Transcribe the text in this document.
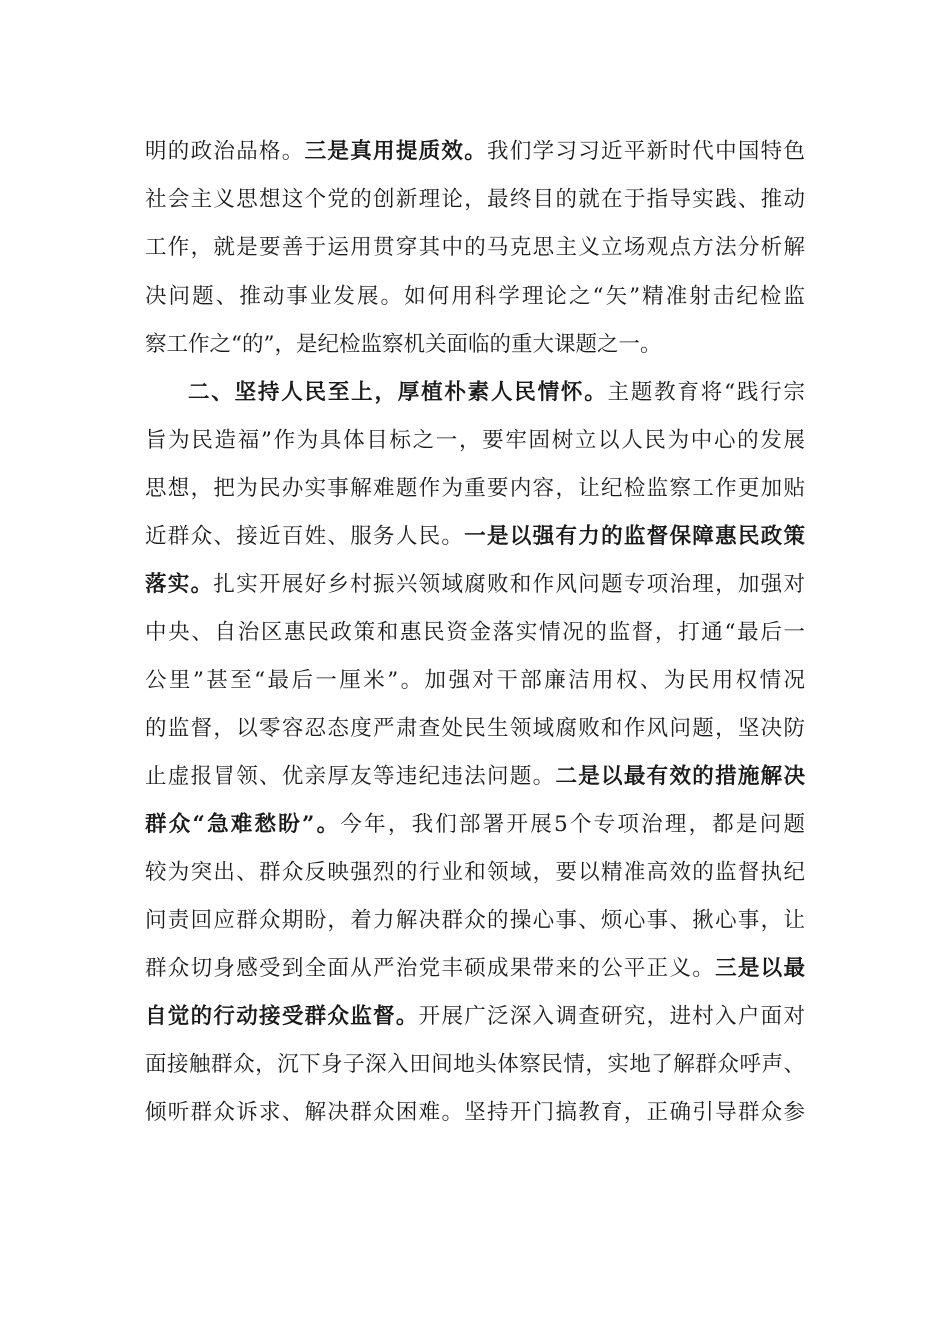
明的政治品格。三是真用提质效。我们学习习近平新时代中国特色
社会主义思想这个党的创新理论，最终目的就在于指导实践、推动
工作，就是要善于运用贯穿其中的马克思主义立场观点方法分析解
决问题、推动事业发展。如何用科学理论之“矢”精准射击纪检监
察工作之“的”，是纪检监察机关面临的重大课题之一。
二、坚持人民至上，厚植朴素人民情怀。主题教育将“践行宗
旨为民造福”作为具体目标之一，要牢固树立以人民为中心的发展
思想，把为民办实事解难题作为重要内容，让纪检监察工作更加贴
近群众、接近百姓、服务人民。一是以强有力的监督保障惠民政策
落实。扎实开展好乡村振兴领域腐败和作风问题专项治理，加强对
中央、自治区惠民政策和惠民资金落实情况的监督，打通“最后一
公里”甚至“最后一厘米”。加强对干部廉洁用权、为民用权情况
的监督，以零容忍态度严肃查处民生领域腐败和作风问题，坚决防
止虚报冒领、优亲厚友等违纪违法问题。二是以最有效的措施解决
群众“急难愁盼”。今年，我们部署开展5个专项治理，都是问题
较为突出、群众反映强烈的行业和领域，要以精准高效的监督执纪
问责回应群众期盼，着力解决群众的操心事、烦心事、揪心事，让
群众切身感受到全面从严治党丰硕成果带来的公平正义。三是以最
自觉的行动接受群众监督。开展广泛深入调查研究，进村入户面对
面接触群众，沉下身子深入田间地头体察民情，实地了解群众呼声、
倾听群众诉求、解决群众困难。坚持开门搞教育，正确引导群众参
